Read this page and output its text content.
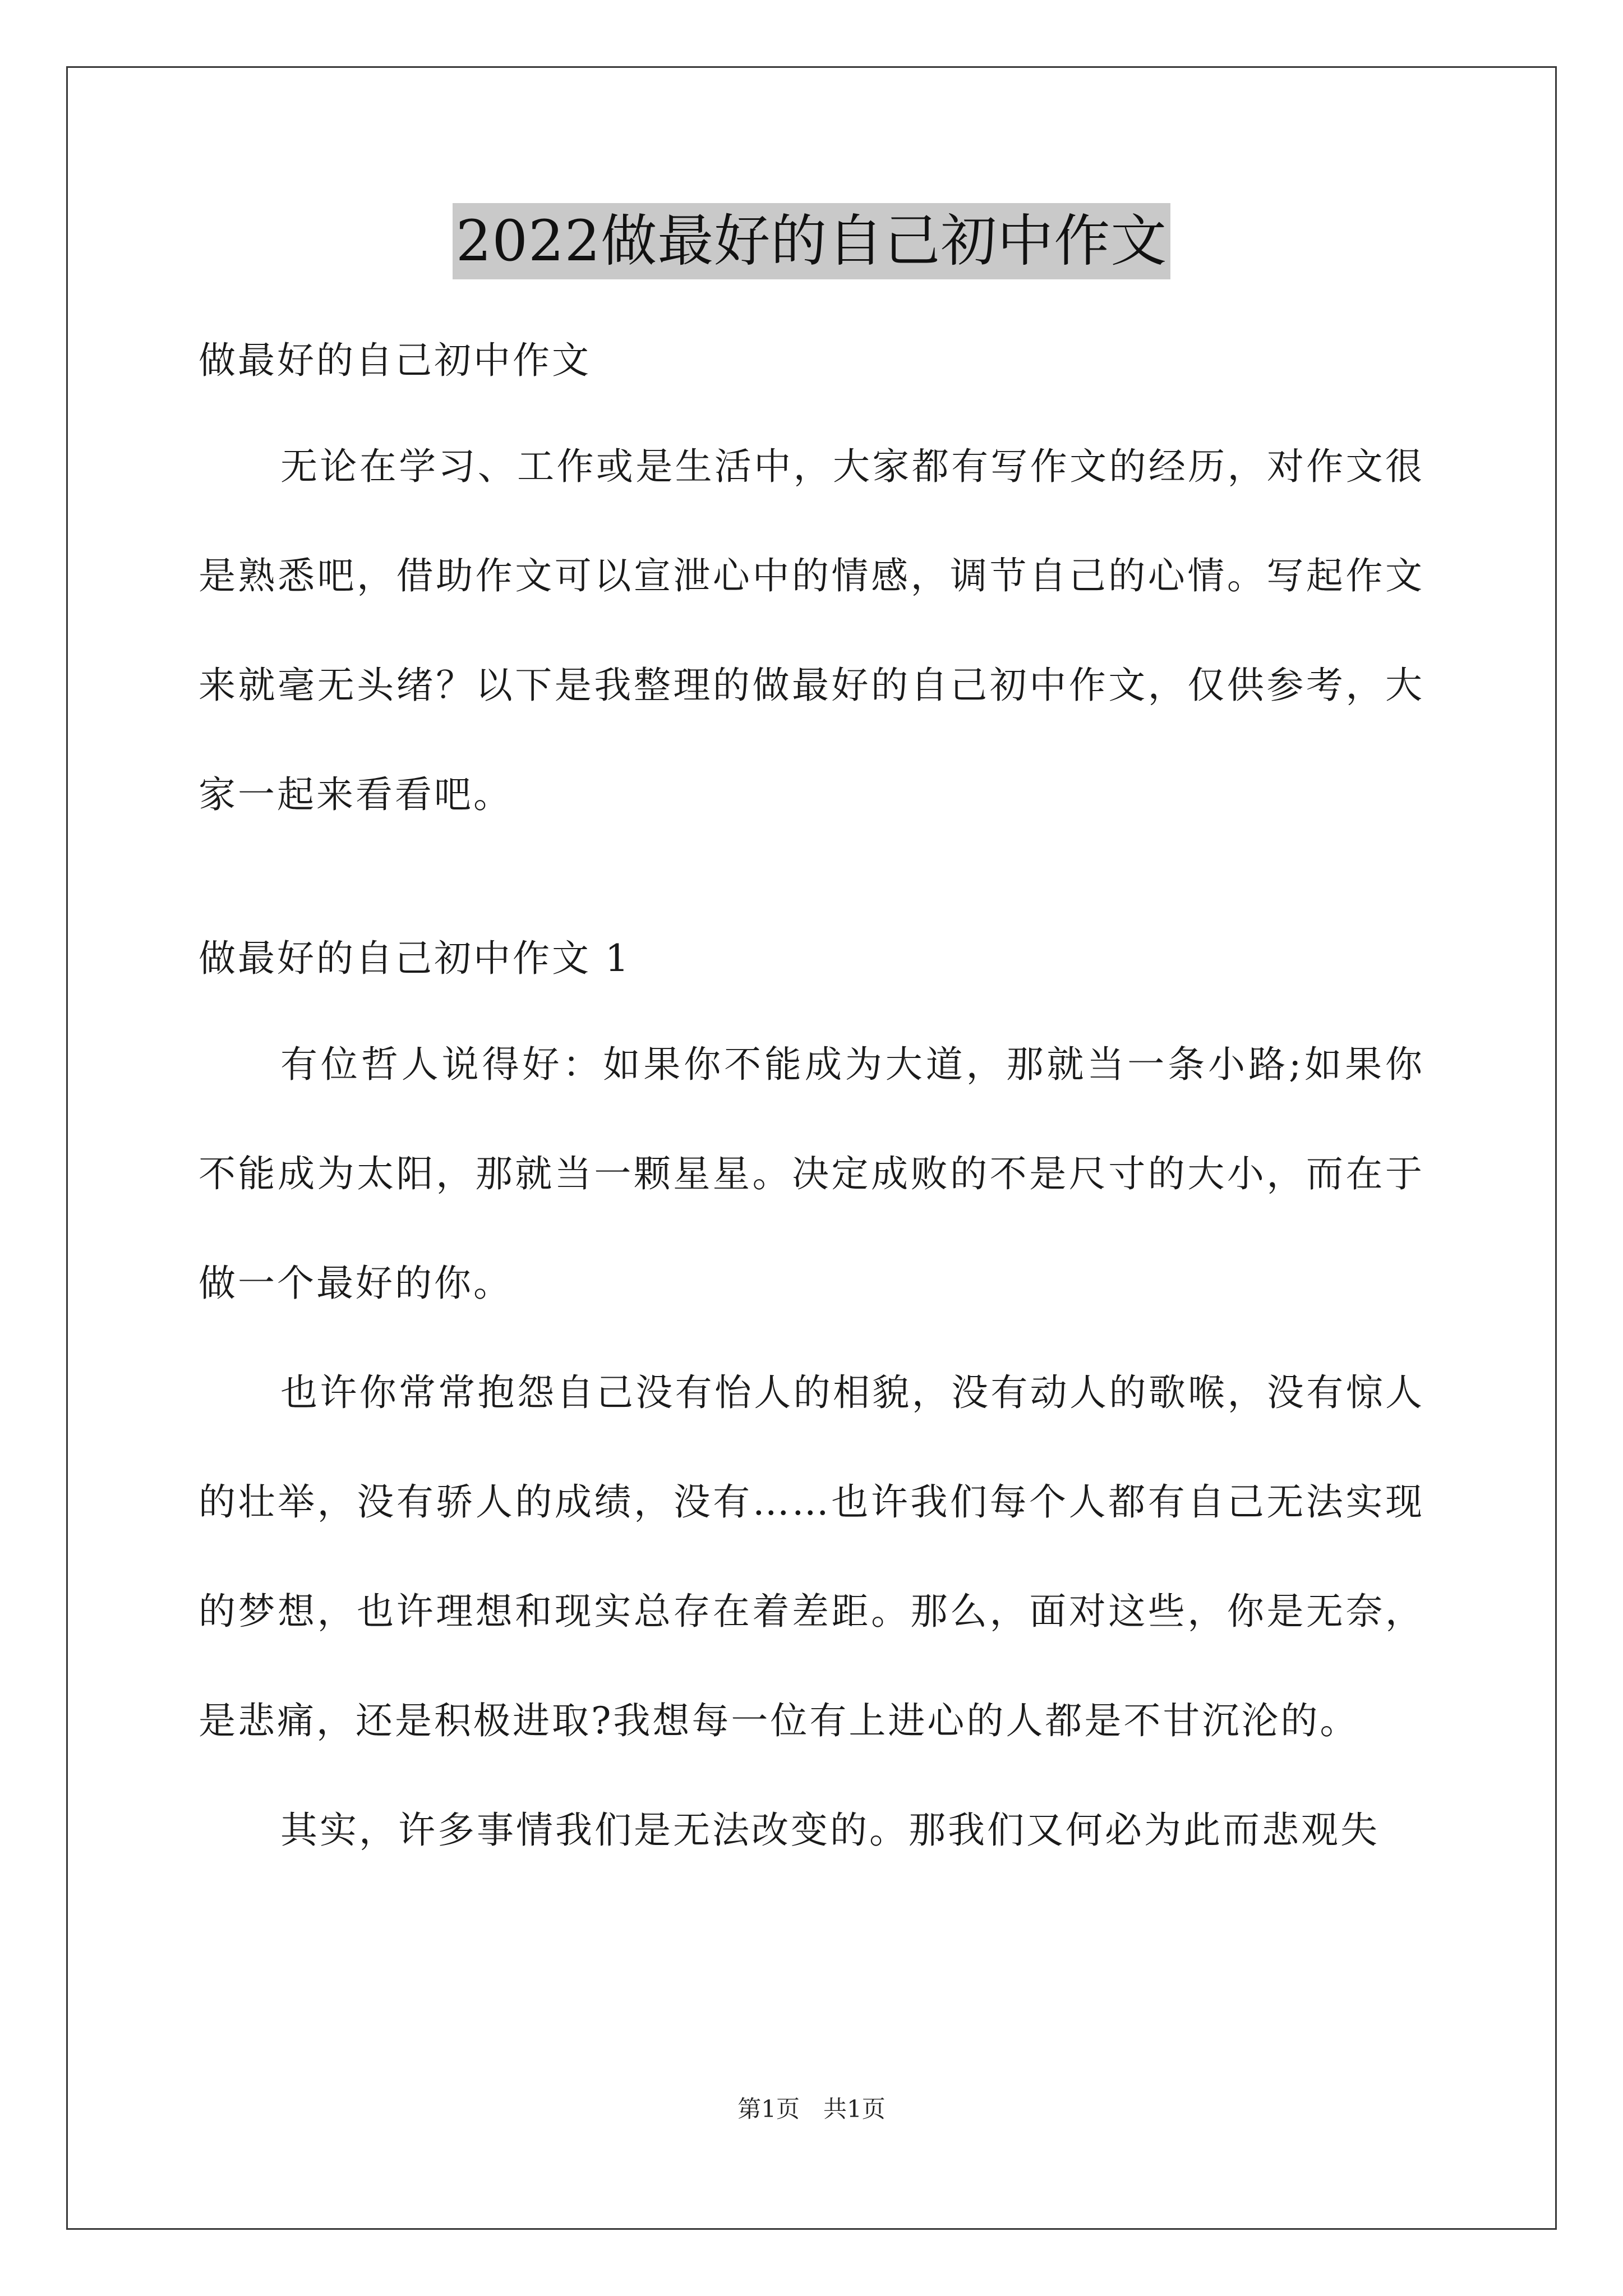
2022做最好的自己初中作文

做最好的自己初中作文

无论在学习、工作或是生活中，大家都有写作文的经历，对作文很是熟悉吧，借助作文可以宣泄心中的情感，调节自己的心情。写起作文来就毫无头绪？以下是我整理的做最好的自己初中作文，仅供参考，大家一起来看看吧。

做最好的自己初中作文 1

有位哲人说得好：如果你不能成为大道，那就当一条小路;如果你不能成为太阳，那就当一颗星星。决定成败的不是尺寸的大小，而在于做一个最好的你。

也许你常常抱怨自己没有怡人的相貌，没有动人的歌喉，没有惊人的壮举，没有骄人的成绩，没有……也许我们每个人都有自己无法实现的梦想，也许理想和现实总存在着差距。那么，面对这些，你是无奈，是悲痛，还是积极进取?我想每一位有上进心的人都是不甘沉沦的。

其实，许多事情我们是无法改变的。那我们又何必为此而悲观失

第1页　共1页
